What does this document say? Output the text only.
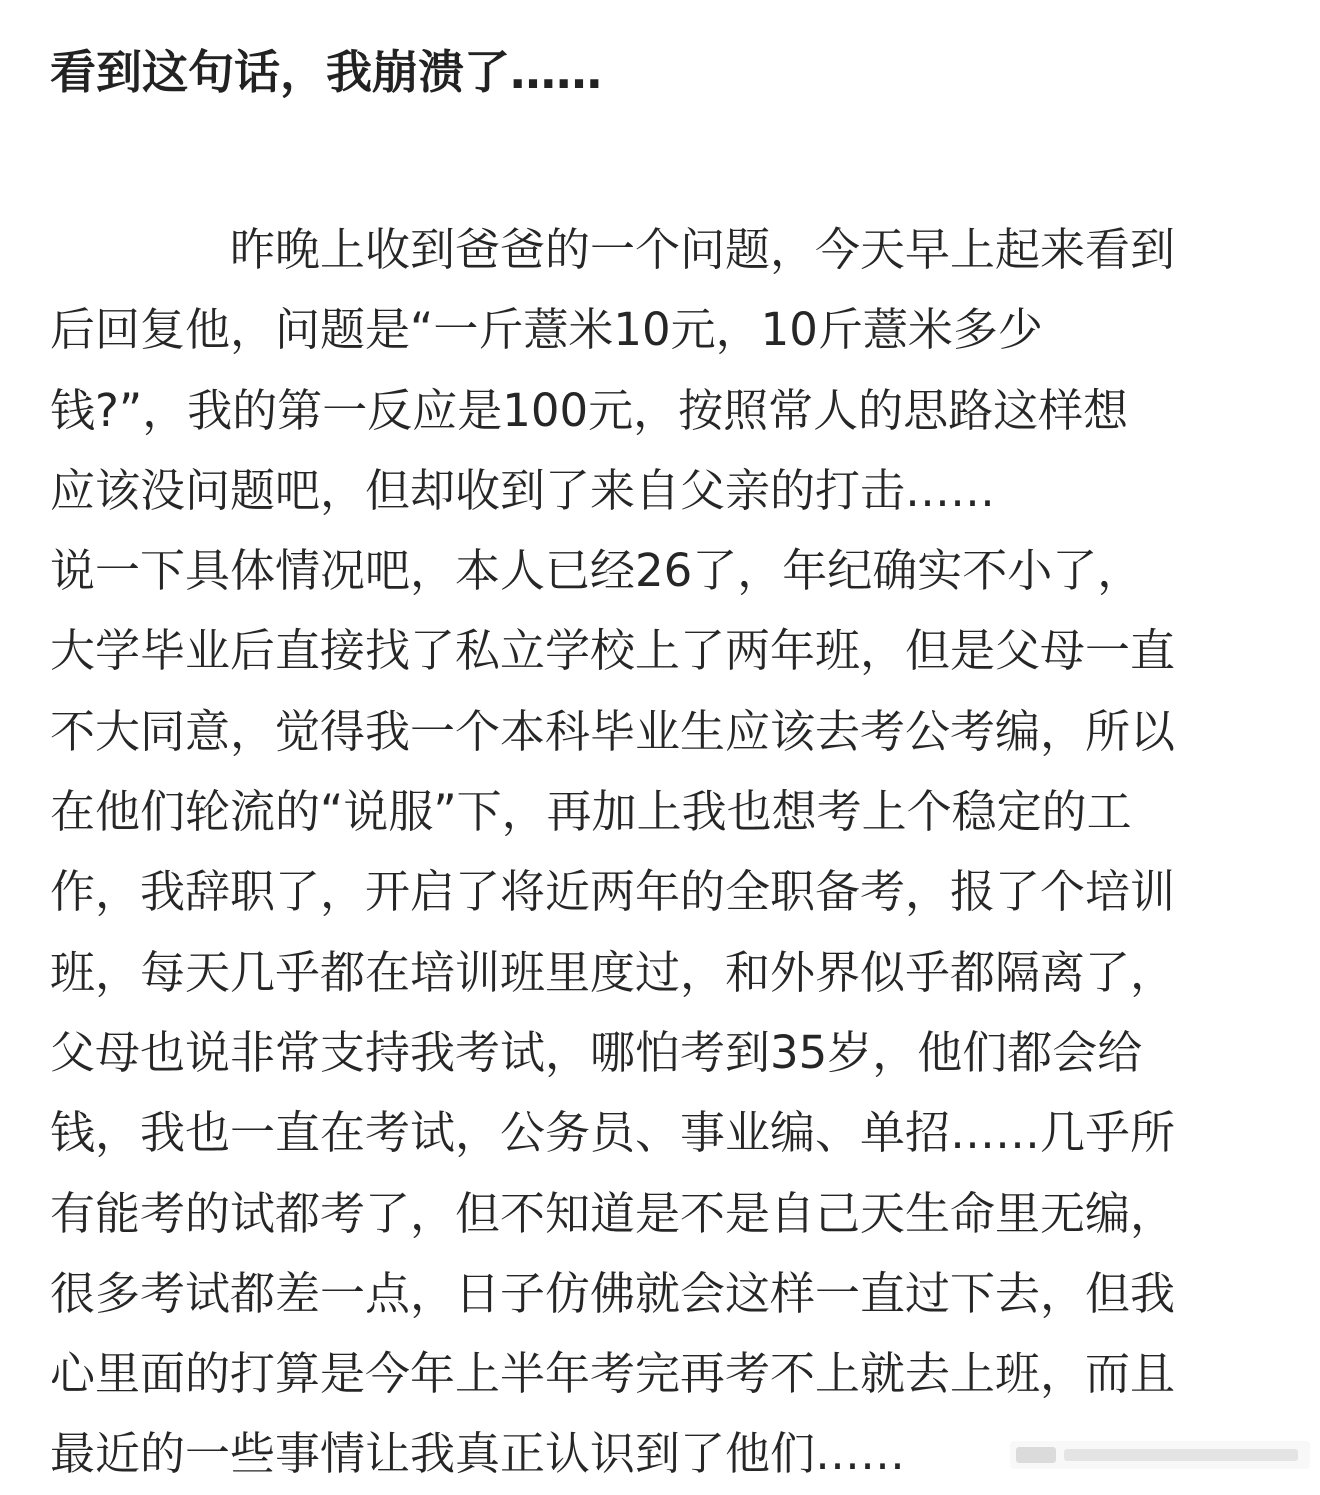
看到这句话，我崩溃了……
昨晚上收到爸爸的一个问题，今天早上起来看到
后回复他，问题是“一斤薏米10元，10斤薏米多少
钱?”，我的第一反应是100元，按照常人的思路这样想
应该没问题吧，但却收到了来自父亲的打击……
说一下具体情况吧，本人已经26了，年纪确实不小了，
大学毕业后直接找了私立学校上了两年班，但是父母一直
不大同意，觉得我一个本科毕业生应该去考公考编，所以
在他们轮流的“说服”下，再加上我也想考上个稳定的工
作，我辞职了，开启了将近两年的全职备考，报了个培训
班，每天几乎都在培训班里度过，和外界似乎都隔离了，
父母也说非常支持我考试，哪怕考到35岁，他们都会给
钱，我也一直在考试，公务员、事业编、单招……几乎所
有能考的试都考了，但不知道是不是自己天生命里无编，
很多考试都差一点，日子仿佛就会这样一直过下去，但我
心里面的打算是今年上半年考完再考不上就去上班，而且
最近的一些事情让我真正认识到了他们……
